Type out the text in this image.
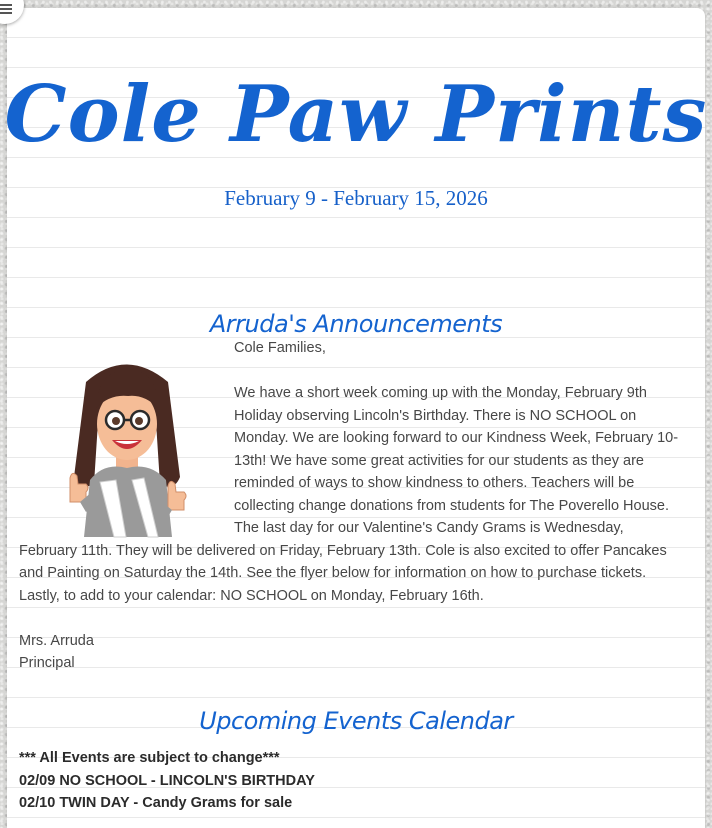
Cole Paw Prints
February 9 - February 15, 2026
Arruda's Announcements

Cole Families,

We have a short week coming up with the Monday, February 9th Holiday observing Lincoln's Birthday. There is NO SCHOOL on Monday. We are looking forward to our Kindness Week, February 10-13th! We have some great activities for our students as they are reminded of ways to show kindness to others. Teachers will be collecting change donations from students for The Poverello House. The last day for our Valentine's Candy Grams is Wednesday, February 11th. They will be delivered on Friday, February 13th. Cole is also excited to offer Pancakes and Painting on Saturday the 14th. See the flyer below for information on how to purchase tickets. Lastly, to add to your calendar: NO SCHOOL on Monday, February 16th.

Mrs. Arruda

Principal

Upcoming Events Calendar
*** All Events are subject to change***
02/09 NO SCHOOL - LINCOLN'S BIRTHDAY
02/10 TWIN DAY - Candy Grams for sale
